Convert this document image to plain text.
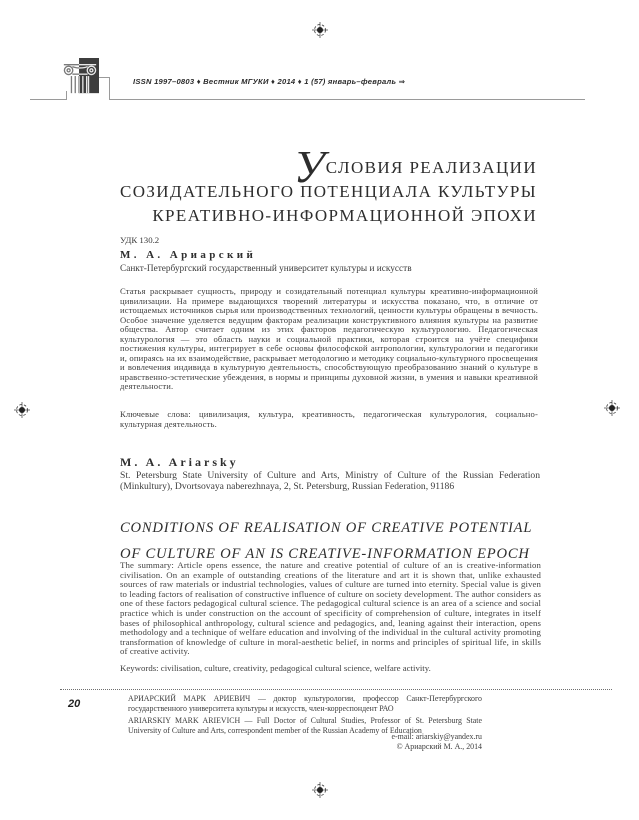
ISSN 1997–0803 ♦ Вестник МГУКИ ♦ 2014 ♦ 1 (57) январь–февраль ⇒
УСЛОВИЯ РЕАЛИЗАЦИИ
СОЗИДАТЕЛЬНОГО ПОТЕНЦИАЛА КУЛЬТУРЫ
КРЕАТИВНО-ИНФОРМАЦИОННОЙ ЭПОХИ
УДК 130.2
М. А. Ариарский
Санкт-Петербургский государственный университет культуры и искусств
Статья раскрывает сущность, природу и созидательный потенциал культуры креативно-информационной цивилизации. На примере выдающихся творений литературы и искусства показано, что, в отличие от истощаемых источников сырья или производственных технологий, ценности культуры обращены в вечность. Особое значение уделяется ведущим факторам реализации конструктивного влияния культуры на развитие общества. Автор считает одним из этих факторов педагогическую культурологию. Педагогическая культурология — это область науки и социальной практики, которая строится на учёте специфики постижения культуры, интегрирует в себе основы философской антропологии, культурологии и педагогики и, опираясь на их взаимодействие, раскрывает методологию и методику социально-культурного просвещения и вовлечения индивида в культурную деятельность, способствующую преобразованию знаний о культуре в нравственно-эстетические убеждения, в нормы и принципы духовной жизни, в умения и навыки креативной деятельности.
Ключевые слова: цивилизация, культура, креативность, педагогическая культурология, социально-культурная деятельность.
M. A. Ariarsky
St. Petersburg State University of Culture and Arts, Ministry of Culture of the Russian Federation (Minkultury), Dvortsovaya naberezhnaya, 2, St. Petersburg, Russian Federation, 91186
CONDITIONS OF REALISATION OF CREATIVE POTENTIAL
OF CULTURE OF AN IS CREATIVE-INFORMATION EPOCH
The summary: Article opens essence, the nature and creative potential of culture of an is creative-information civilisation. On an example of outstanding creations of the literature and art it is shown that, unlike exhausted sources of raw materials or industrial technologies, values of culture are turned into eternity. Special value is given to leading factors of realisation of constructive influence of culture on society development. The author considers as one of these factors pedagogical cultural science. The pedagogical cultural science is an area of a science and social practice which is under construction on the account of specificity of comprehension of culture, integrates in itself bases of philosophical anthropology, cultural science and pedagogics, and, leaning against their interaction, opens methodology and a technique of welfare education and involving of the individual in the cultural activity promoting transformation of knowledge of culture in moral-aesthetic belief, in norms and principles of spiritual life, in skills of creative activity.
Keywords: civilisation, culture, creativity, pedagogical cultural science, welfare activity.
20	АРИАРСКИЙ МАРК АРИЕВИЧ — доктор культурологии, профессор Санкт-Петербургского государственного университета культуры и искусств, член-корреспондент РАО
ARIARSKIY MARK ARIEVICH — Full Doctor of Cultural Studies, Professor of St. Petersburg State University of Culture and Arts, correspondent member of the Russian Academy of Education
e-mail: ariarskiy@yandex.ru
© Ариарский М. А., 2014
